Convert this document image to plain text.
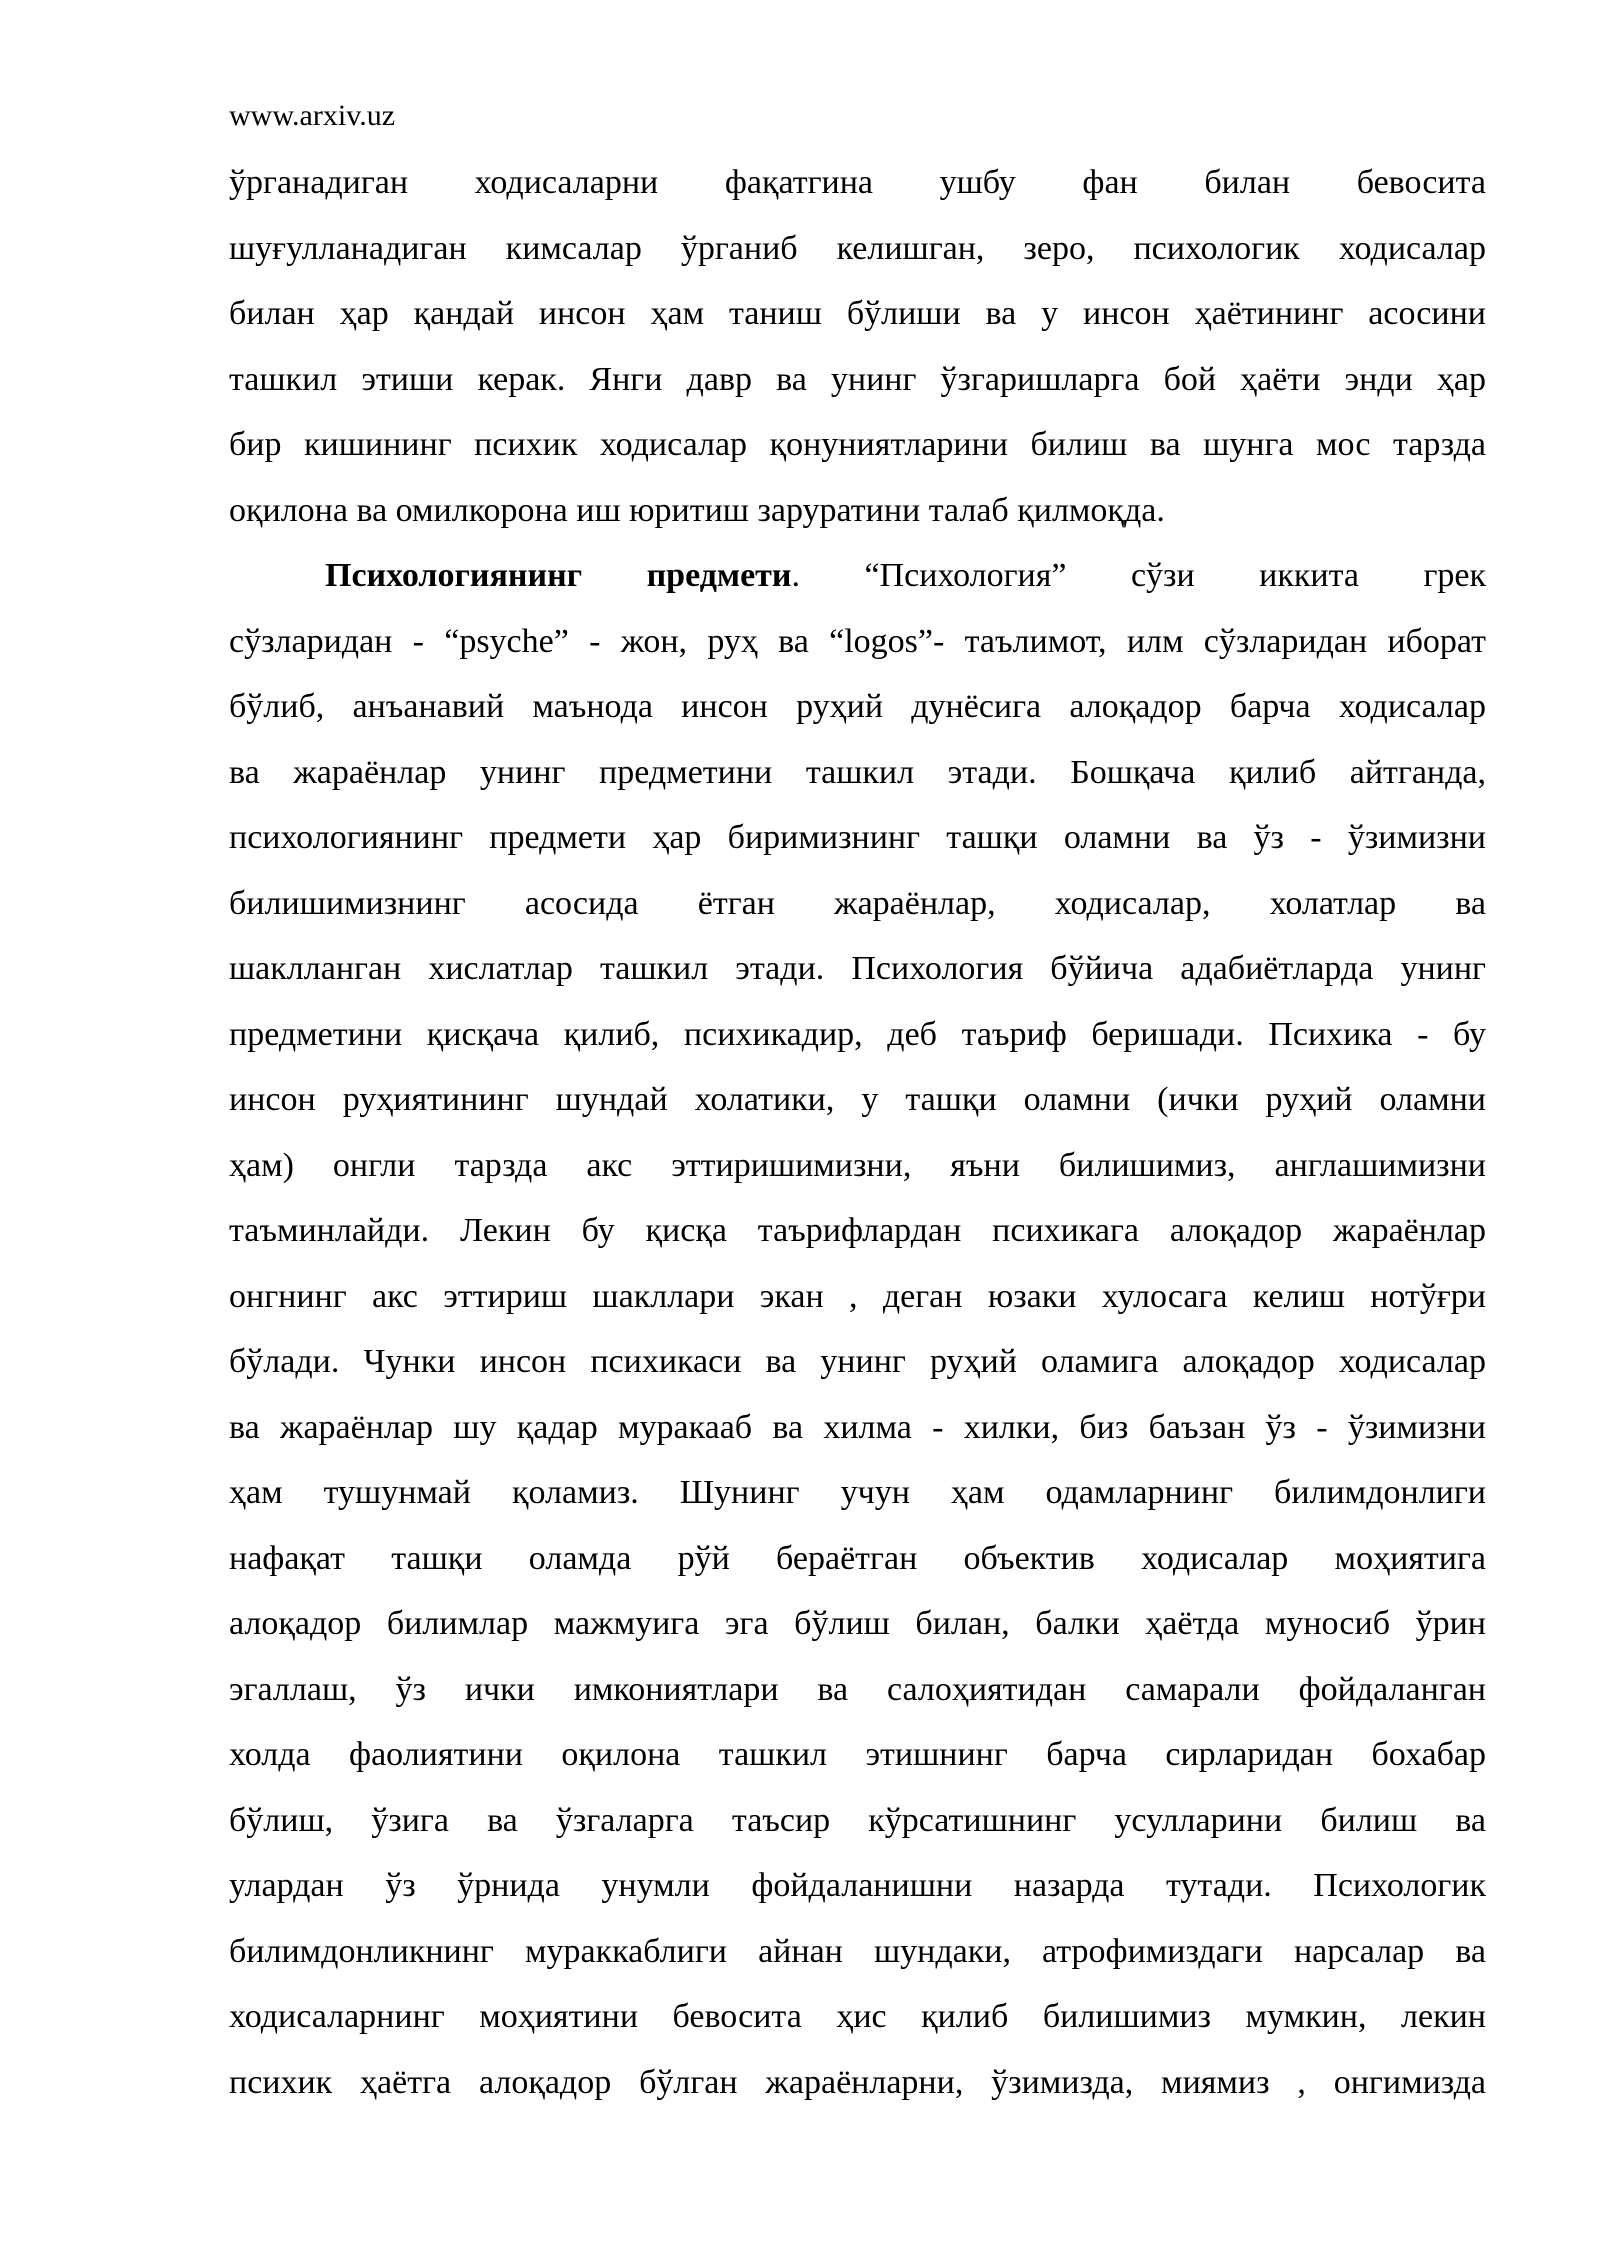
www.arxiv.uz
ўрганадиган ходисаларни фақатгина ушбу фан билан бевосита
шуғулланадиган кимсалар ўрганиб келишган, зеро, психологик ходисалар
билан ҳар қандай инсон ҳам таниш бўлиши ва у инсон ҳаётининг асосини
ташкил этиши керак. Янги давр ва унинг ўзгаришларга бой ҳаёти энди ҳар
бир кишининг психик ходисалар қонуниятларини билиш ва шунга мос тарзда
оқилона ва омилкорона иш юритиш заруратини талаб қилмоқда.
Психологиянинг предмети. “Психология” сўзи иккита грек
сўзларидан - “psyche” - жон, руҳ ва “logos”- таълимот, илм сўзларидан иборат
бўлиб, анъанавий маънода инсон руҳий дунёсига алоқадор барча ходисалар
ва жараёнлар унинг предметини ташкил этади. Бошқача қилиб айтганда,
психологиянинг предмети ҳар биримизнинг ташқи оламни ва ўз - ўзимизни
билишимизнинг асосида ётган жараёнлар, ходисалар, холатлар ва
шаклланган хислатлар ташкил этади. Психология бўйича адабиётларда унинг
предметини қисқача қилиб, психикадир, деб таъриф беришади. Психика - бу
инсон руҳиятининг шундай холатики, у ташқи оламни (ички руҳий оламни
ҳам) онгли тарзда акс эттиришимизни, яъни билишимиз, англашимизни
таъминлайди. Лекин бу қисқа таърифлардан психикага алоқадор жараёнлар
онгнинг акс эттириш шакллари экан , деган юзаки хулосага келиш нотўғри
бўлади. Чунки инсон психикаси ва унинг руҳий оламига алоқадор ходисалар
ва жараёнлар шу қадар муракааб ва хилма - хилки, биз баъзан ўз - ўзимизни
ҳам тушунмай қоламиз. Шунинг учун ҳам одамларнинг билимдонлиги
нафақат ташқи оламда рўй бераётган объектив ходисалар моҳиятига
алоқадор билимлар мажмуига эга бўлиш билан, балки ҳаётда муносиб ўрин
эгаллаш, ўз ички имкониятлари ва салоҳиятидан самарали фойдаланган
холда фаолиятини оқилона ташкил этишнинг барча сирларидан бохабар
бўлиш, ўзига ва ўзгаларга таъсир кўрсатишнинг усулларини билиш ва
улардан ўз ўрнида унумли фойдаланишни назарда тутади. Психологик
билимдонликнинг мураккаблиги айнан шундаки, атрофимиздаги нарсалар ва
ходисаларнинг моҳиятини бевосита ҳис қилиб билишимиз мумкин, лекин
психик ҳаётга алоқадор бўлган жараёнларни, ўзимизда, миямиз , онгимизда
